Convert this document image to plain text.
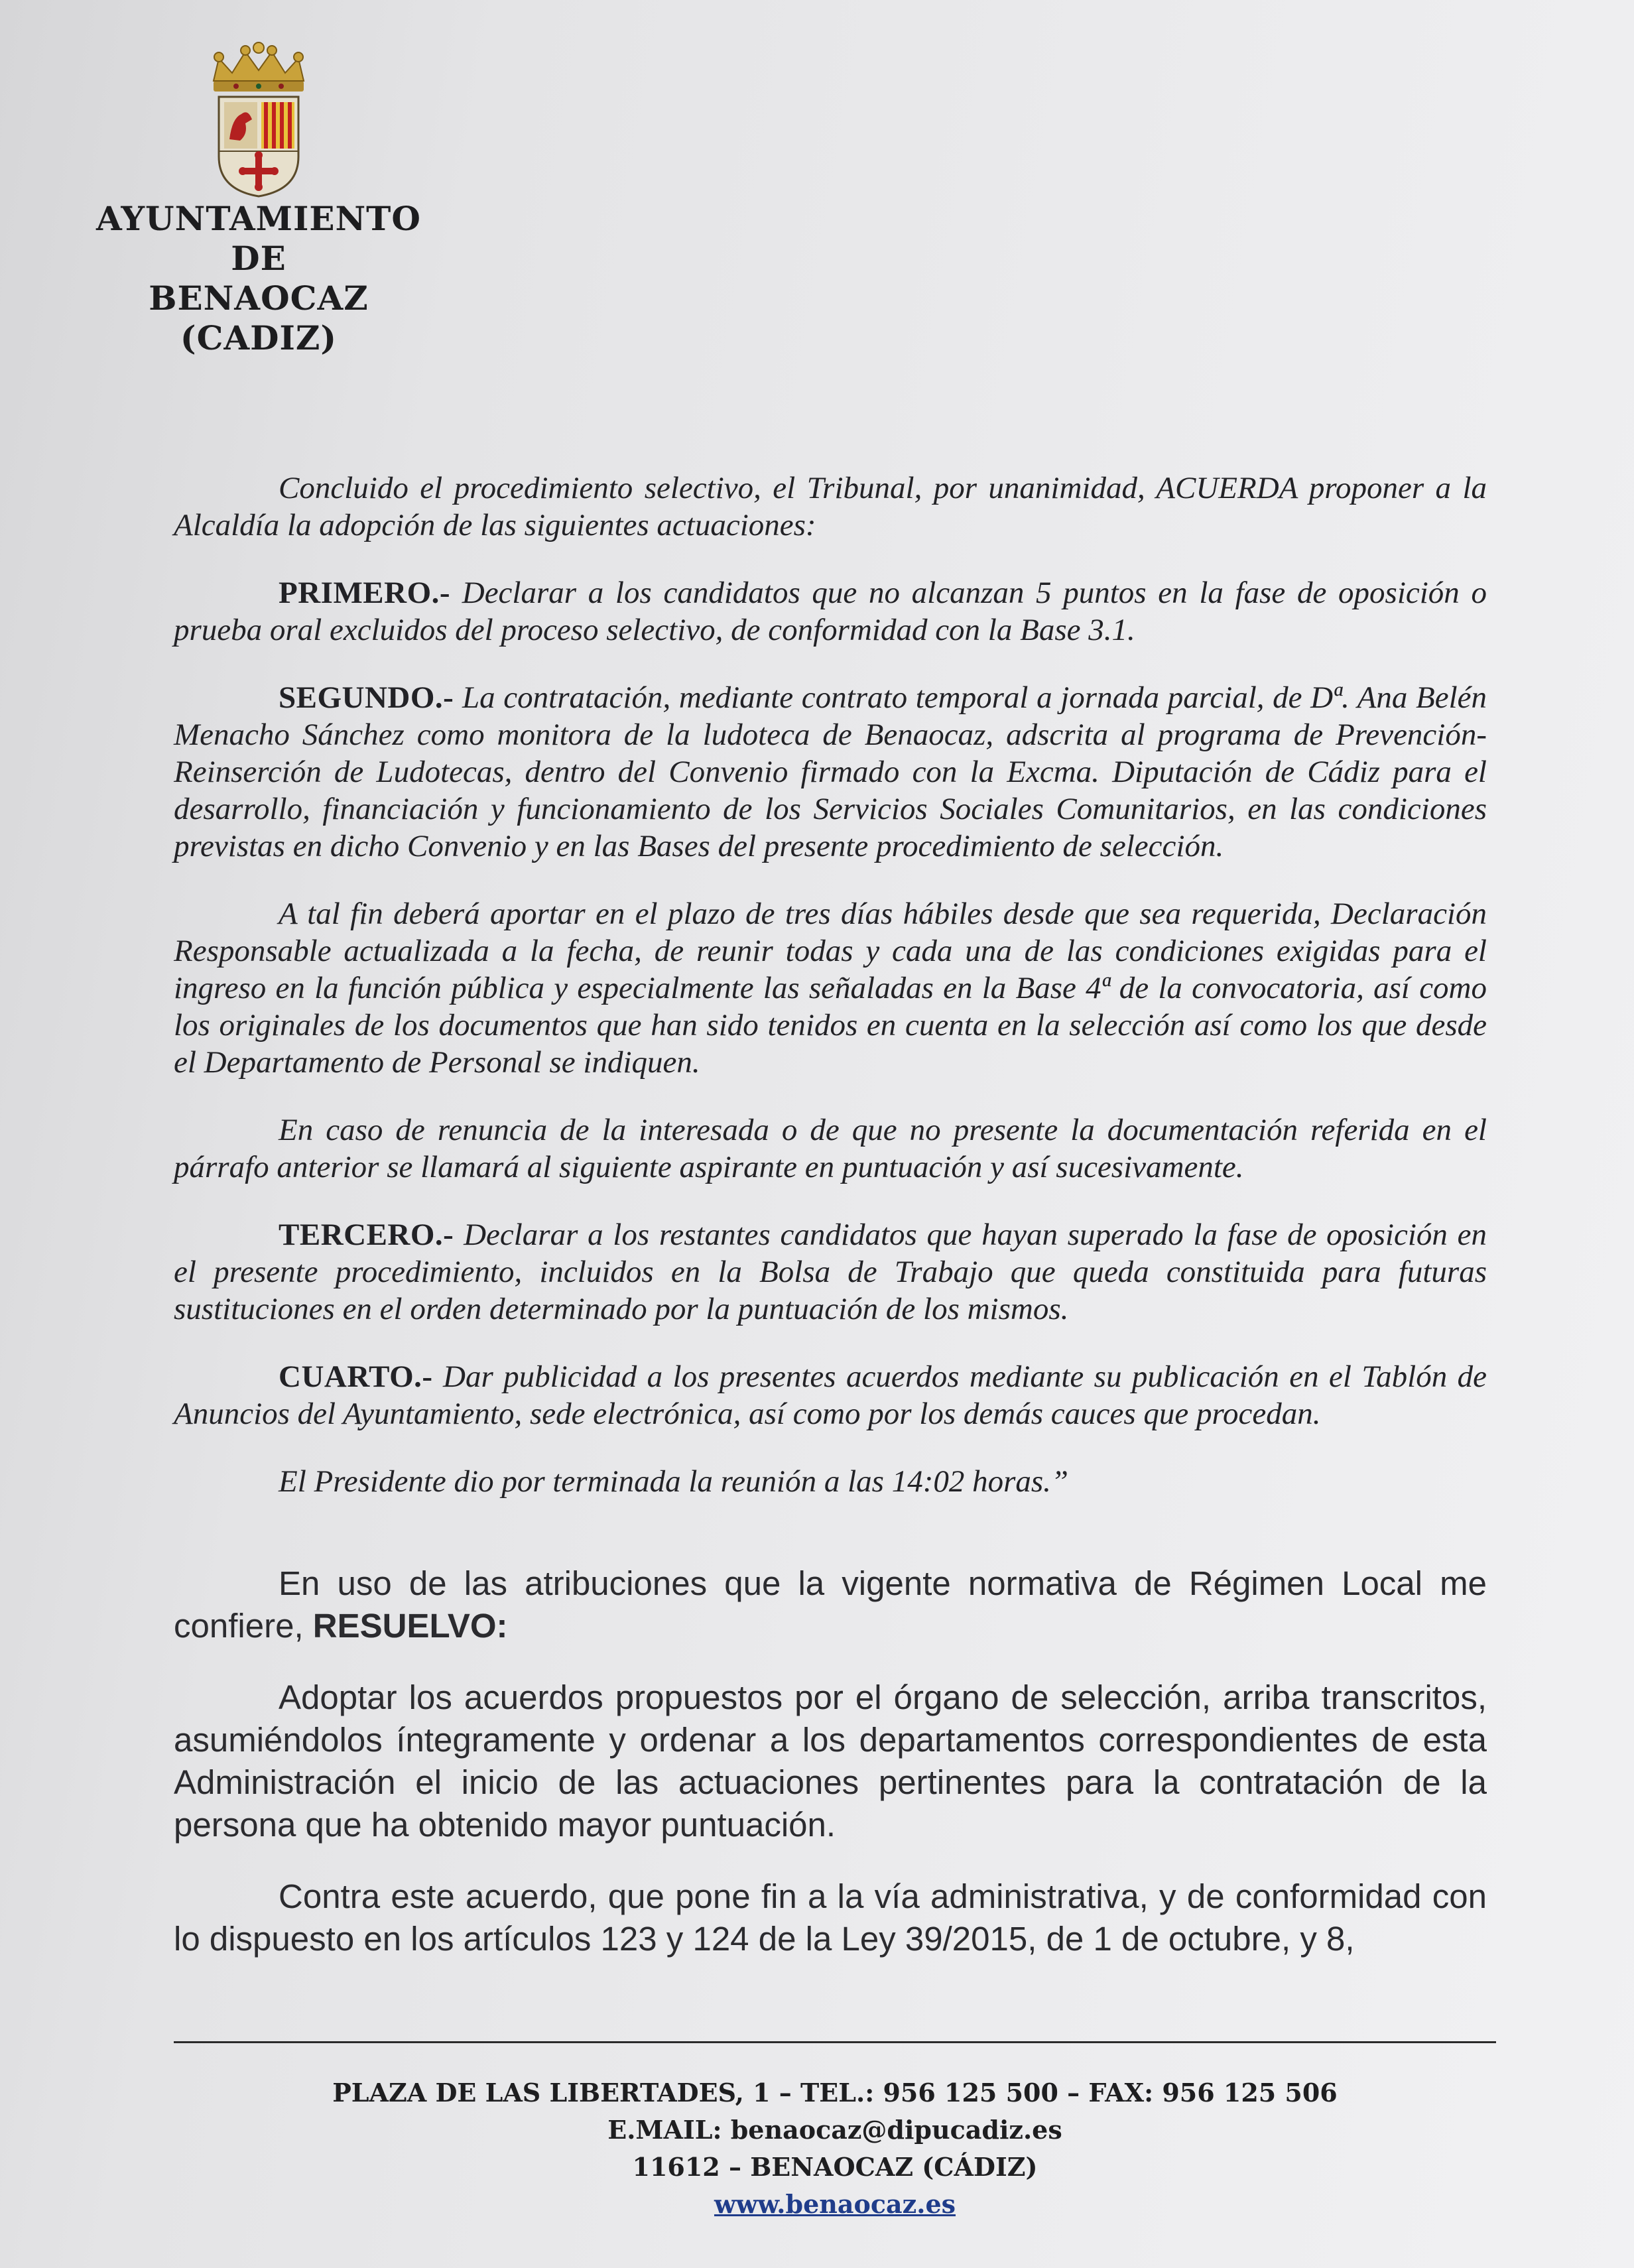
AYUNTAMIENTO
DE
BENAOCAZ
(CADIZ)

Concluido el procedimiento selectivo, el Tribunal, por unanimidad, ACUERDA proponer a la Alcaldía la adopción de las siguientes actuaciones:

PRIMERO.- Declarar a los candidatos que no alcanzan 5 puntos en la fase de oposición o prueba oral excluidos del proceso selectivo, de conformidad con la Base 3.1.

SEGUNDO.- La contratación, mediante contrato temporal a jornada parcial, de Dª. Ana Belén Menacho Sánchez como monitora de la ludoteca de Benaocaz, adscrita al programa de Prevención-Reinserción de Ludotecas, dentro del Convenio firmado con la Excma. Diputación de Cádiz para el desarrollo, financiación y funcionamiento de los Servicios Sociales Comunitarios, en las condiciones previstas en dicho Convenio y en las Bases del presente procedimiento de selección.

A tal fin deberá aportar en el plazo de tres días hábiles desde que sea requerida, Declaración Responsable actualizada a la fecha, de reunir todas y cada una de las condiciones exigidas para el ingreso en la función pública y especialmente las señaladas en la Base 4ª de la convocatoria, así como los originales de los documentos que han sido tenidos en cuenta en la selección así como los que desde el Departamento de Personal se indiquen.

En caso de renuncia de la interesada o de que no presente la documentación referida en el párrafo anterior se llamará al siguiente aspirante en puntuación y así sucesivamente.

TERCERO.- Declarar a los restantes candidatos que hayan superado la fase de oposición en el presente procedimiento, incluidos en la Bolsa de Trabajo que queda constituida para futuras sustituciones en el orden determinado por la puntuación de los mismos.

CUARTO.- Dar publicidad a los presentes acuerdos mediante su publicación en el Tablón de Anuncios del Ayuntamiento, sede electrónica, así como por los demás cauces que procedan.

El Presidente dio por terminada la reunión a las 14:02 horas.”

En uso de las atribuciones que la vigente normativa de Régimen Local me confiere, RESUELVO:

Adoptar los acuerdos propuestos por el órgano de selección, arriba transcritos, asumiéndolos íntegramente y ordenar a los departamentos correspondientes de esta Administración el inicio de las actuaciones pertinentes para la contratación de la persona que ha obtenido mayor puntuación.

Contra este acuerdo, que pone fin a la vía administrativa, y de conformidad con lo dispuesto en los artículos 123 y 124 de la Ley 39/2015, de 1 de octubre, y 8,

PLAZA DE LAS LIBERTADES, 1 – TEL.: 956 125 500 – FAX: 956 125 506
E.MAIL: benaocaz@dipucadiz.es
11612 – BENAOCAZ (CÁDIZ)
www.benaocaz.es
